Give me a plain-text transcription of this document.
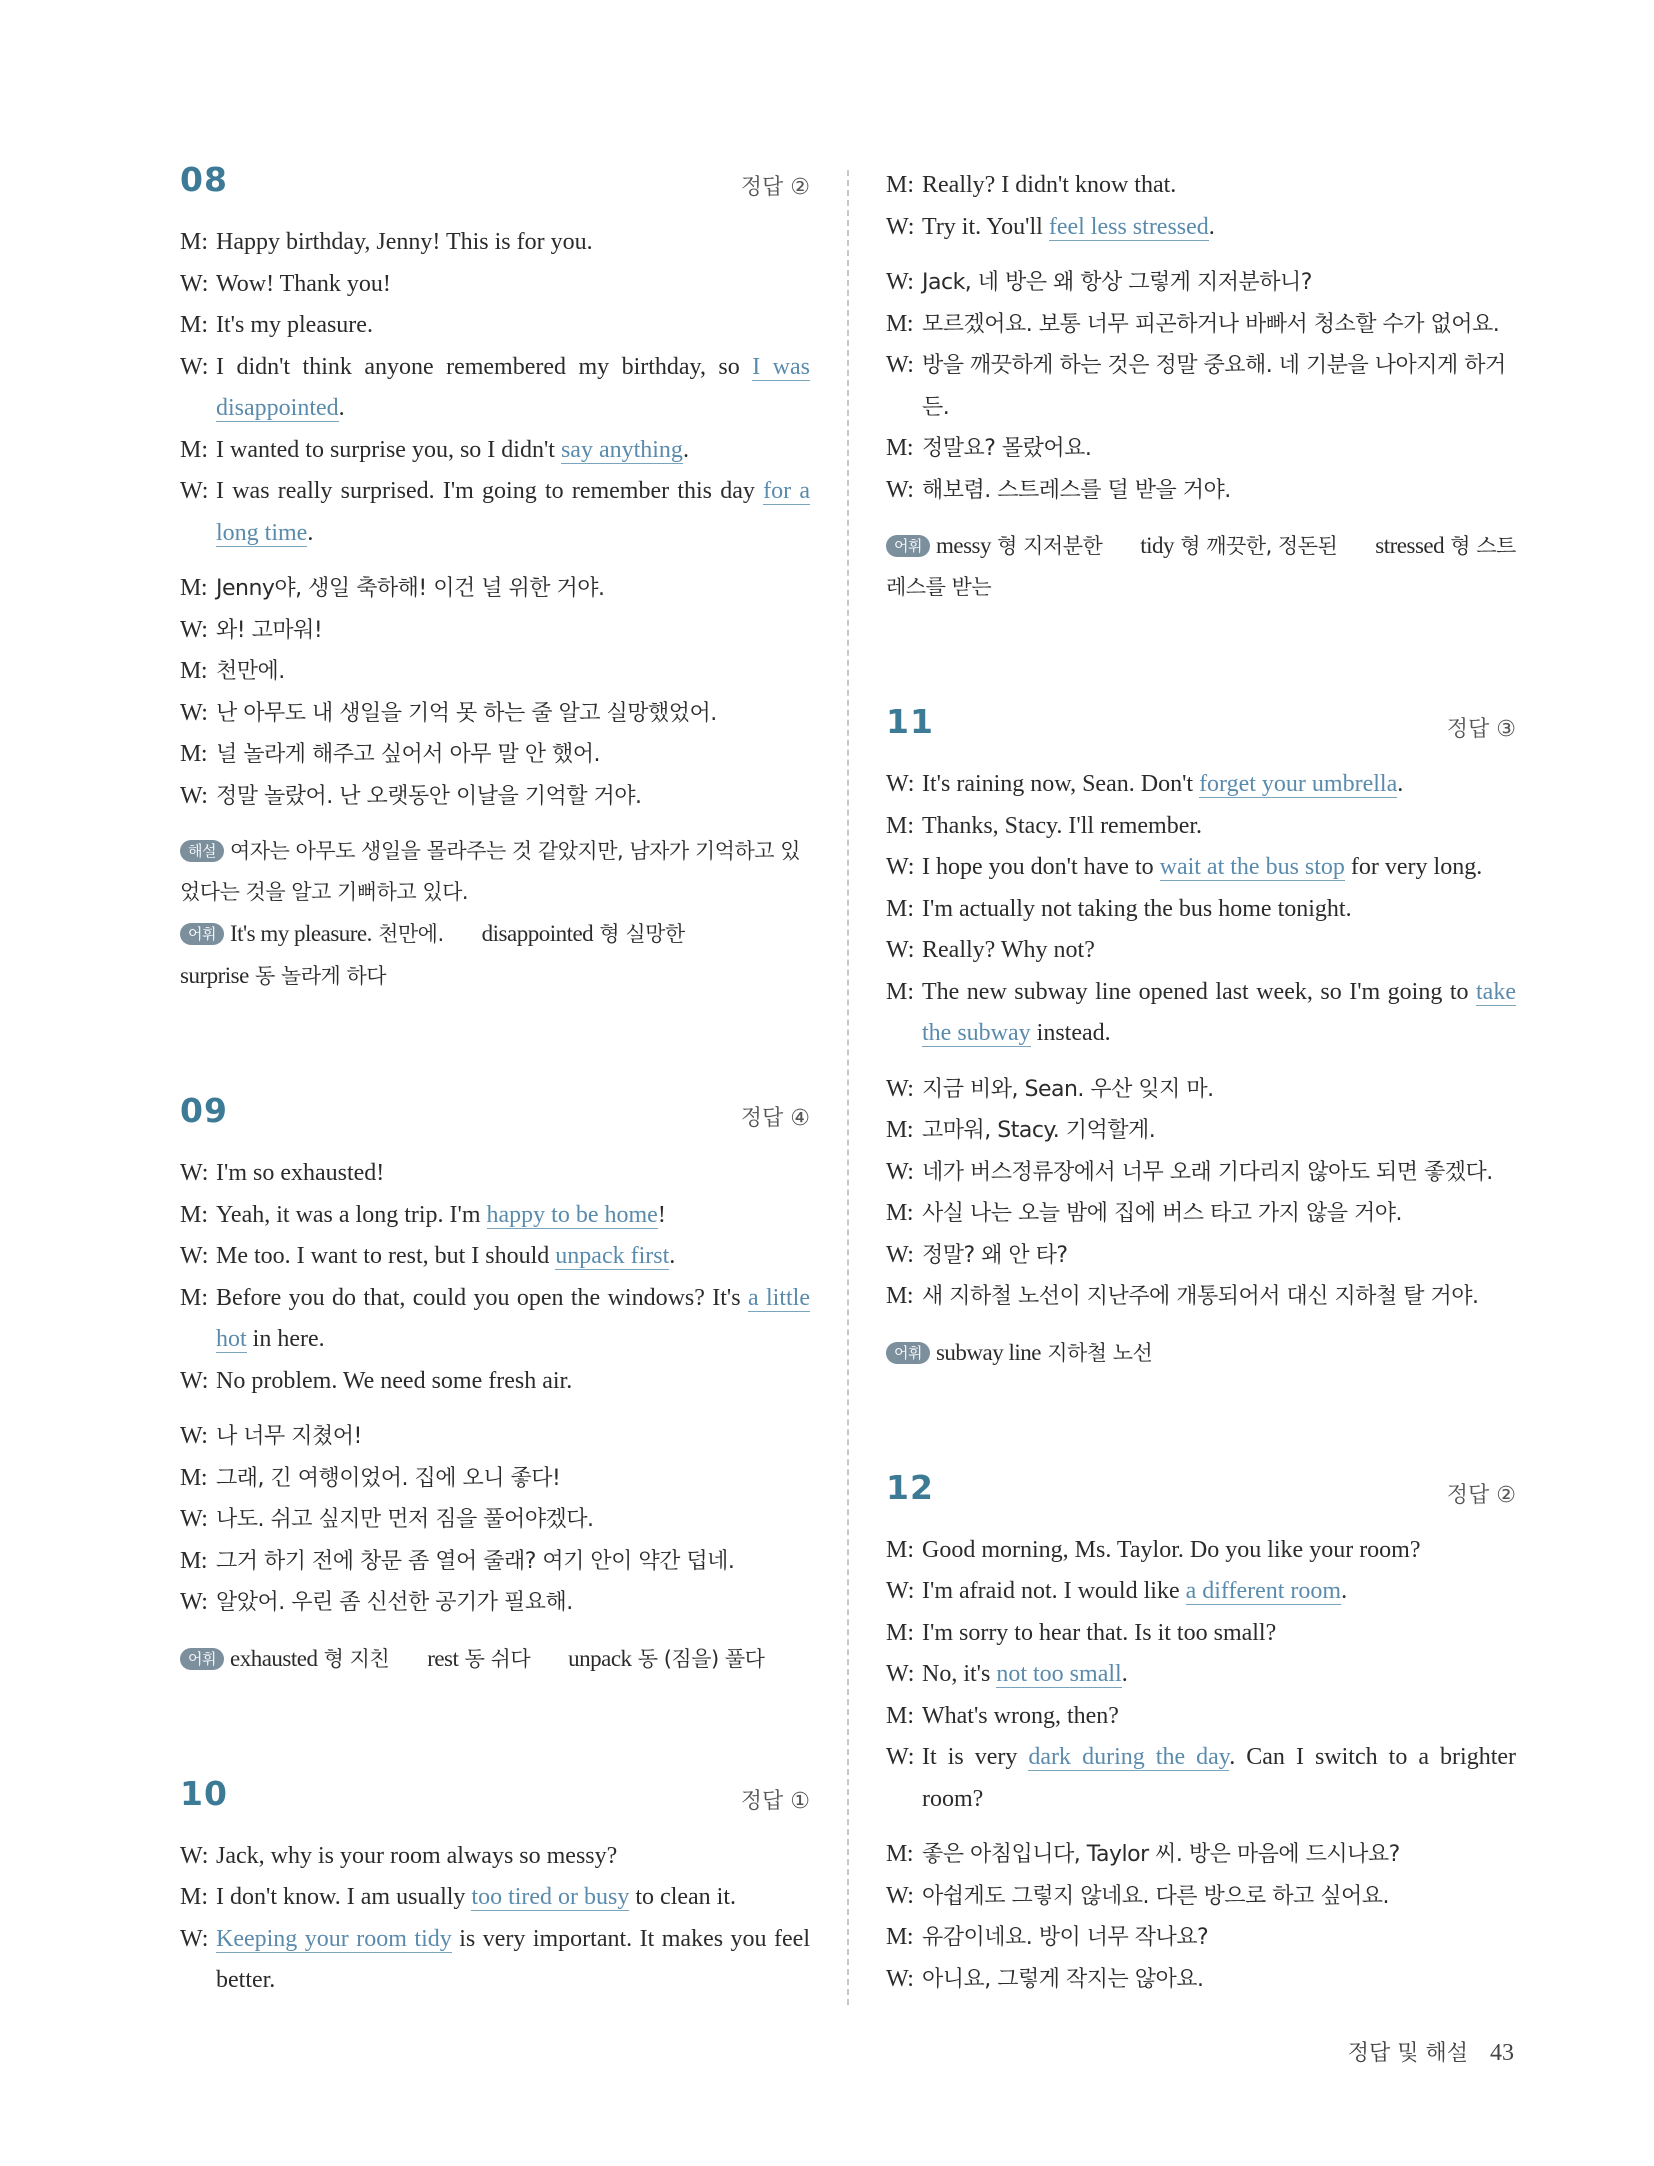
08	정답 ②
M: Happy birthday, Jenny! This is for you.
W: Wow! Thank you!
M: It's my pleasure.
W: I didn't think anyone remembered my birthday, so I was disappointed.
M: I wanted to surprise you, so I didn't say anything.
W: I was really surprised. I'm going to remember this day for a long time.
M: Jenny야, 생일 축하해! 이건 널 위한 거야.
W: 와! 고마워!
M: 천만에.
W: 난 아무도 내 생일을 기억 못 하는 줄 알고 실망했었어.
M: 널 놀라게 해주고 싶어서 아무 말 안 했어.
W: 정말 놀랐어. 난 오랫동안 이날을 기억할 거야.
해설 여자는 아무도 생일을 몰라주는 것 같았지만, 남자가 기억하고 있었다는 것을 알고 기뻐하고 있다.
어휘 It's my pleasure. 천만에. disappointed 형 실망한
surprise 동 놀라게 하다
09	정답 ④
W: I'm so exhausted!
M: Yeah, it was a long trip. I'm happy to be home!
W: Me too. I want to rest, but I should unpack first.
M: Before you do that, could you open the windows? It's a little hot in here.
W: No problem. We need some fresh air.
W: 나 너무 지쳤어!
M: 그래, 긴 여행이었어. 집에 오니 좋다!
W: 나도. 쉬고 싶지만 먼저 짐을 풀어야겠다.
M: 그거 하기 전에 창문 좀 열어 줄래? 여기 안이 약간 덥네.
W: 알았어. 우린 좀 신선한 공기가 필요해.
어휘 exhausted 형 지친 rest 동 쉬다 unpack 동 (짐을) 풀다
10	정답 ①
W: Jack, why is your room always so messy?
M: I don't know. I am usually too tired or busy to clean it.
W: Keeping your room tidy is very important. It makes you feel better.
M: Really? I didn't know that.
W: Try it. You'll feel less stressed.
W: Jack, 네 방은 왜 항상 그렇게 지저분하니?
M: 모르겠어요. 보통 너무 피곤하거나 바빠서 청소할 수가 없어요.
W: 방을 깨끗하게 하는 것은 정말 중요해. 네 기분을 나아지게 하거든.
M: 정말요? 몰랐어요.
W: 해보렴. 스트레스를 덜 받을 거야.
어휘 messy 형 지저분한 tidy 형 깨끗한, 정돈된 stressed 형 스트레스를 받는
11	정답 ③
W: It's raining now, Sean. Don't forget your umbrella.
M: Thanks, Stacy. I'll remember.
W: I hope you don't have to wait at the bus stop for very long.
M: I'm actually not taking the bus home tonight.
W: Really? Why not?
M: The new subway line opened last week, so I'm going to take the subway instead.
W: 지금 비와, Sean. 우산 잊지 마.
M: 고마워, Stacy. 기억할게.
W: 네가 버스정류장에서 너무 오래 기다리지 않아도 되면 좋겠다.
M: 사실 나는 오늘 밤에 집에 버스 타고 가지 않을 거야.
W: 정말? 왜 안 타?
M: 새 지하철 노선이 지난주에 개통되어서 대신 지하철 탈 거야.
어휘 subway line 지하철 노선
12	정답 ②
M: Good morning, Ms. Taylor. Do you like your room?
W: I'm afraid not. I would like a different room.
M: I'm sorry to hear that. Is it too small?
W: No, it's not too small.
M: What's wrong, then?
W: It is very dark during the day. Can I switch to a brighter room?
M: 좋은 아침입니다, Taylor 씨. 방은 마음에 드시나요?
W: 아쉽게도 그렇지 않네요. 다른 방으로 하고 싶어요.
M: 유감이네요. 방이 너무 작나요?
W: 아니요, 그렇게 작지는 않아요.
정답 및 해설 43
